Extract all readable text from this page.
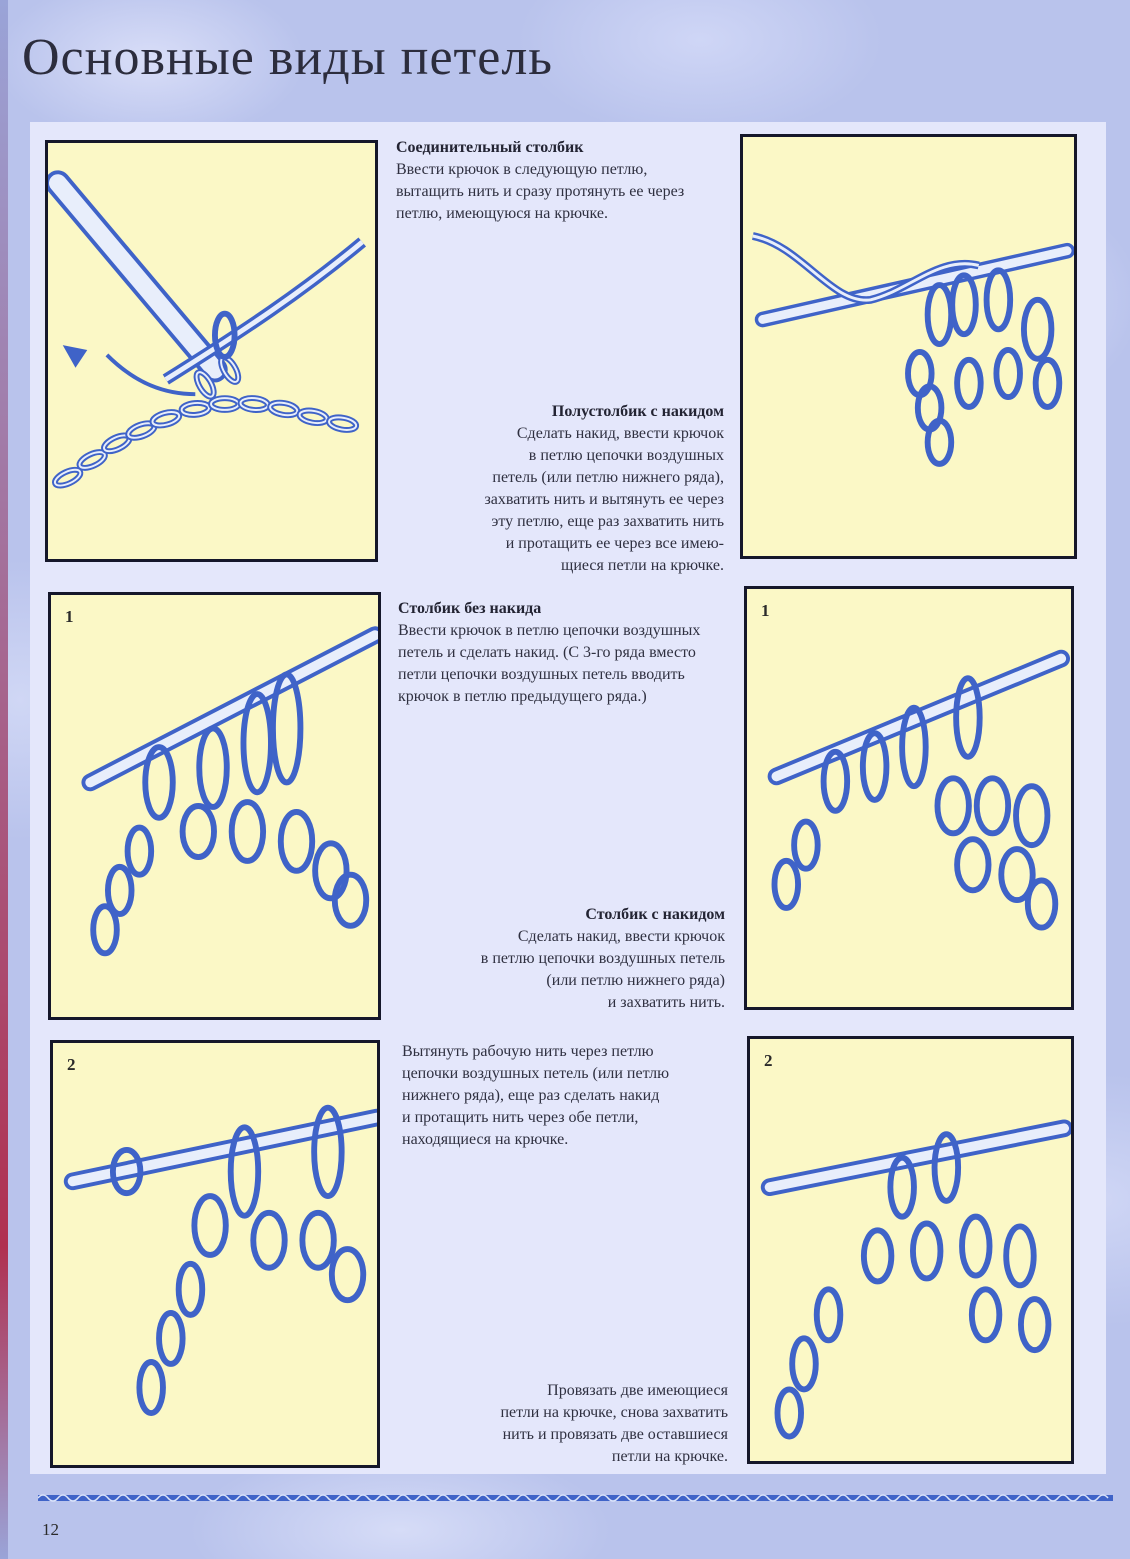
Основные виды петель
1	1
2	2
Соединительный столбик
Ввести крючок в следующую петлю,
вытащить нить и сразу протянуть ее через
петлю, имеющуюся на крючке.
Полустолбик с накидом
Сделать накид, ввести крючок
в петлю цепочки воздушных
петель (или петлю нижнего ряда),
захватить нить и вытянуть ее через
эту петлю, еще раз захватить нить
и протащить ее через все имею-
щиеся петли на крючке.
Столбик без накида
Ввести крючок в петлю цепочки воздушных
петель и сделать накид. (С 3-го ряда вместо
петли цепочки воздушных петель вводить
крючок в петлю предыдущего ряда.)
Столбик с накидом
Сделать накид, ввести крючок
в петлю цепочки воздушных петель
(или петлю нижнего ряда)
и захватить нить.
Вытянуть рабочую нить через петлю
цепочки воздушных петель (или петлю
нижнего ряда), еще раз сделать накид
и протащить нить через обе петли,
находящиеся на крючке.
Провязать две имеющиеся
петли на крючке, снова захватить
нить и провязать две оставшиеся
петли на крючке.
12
